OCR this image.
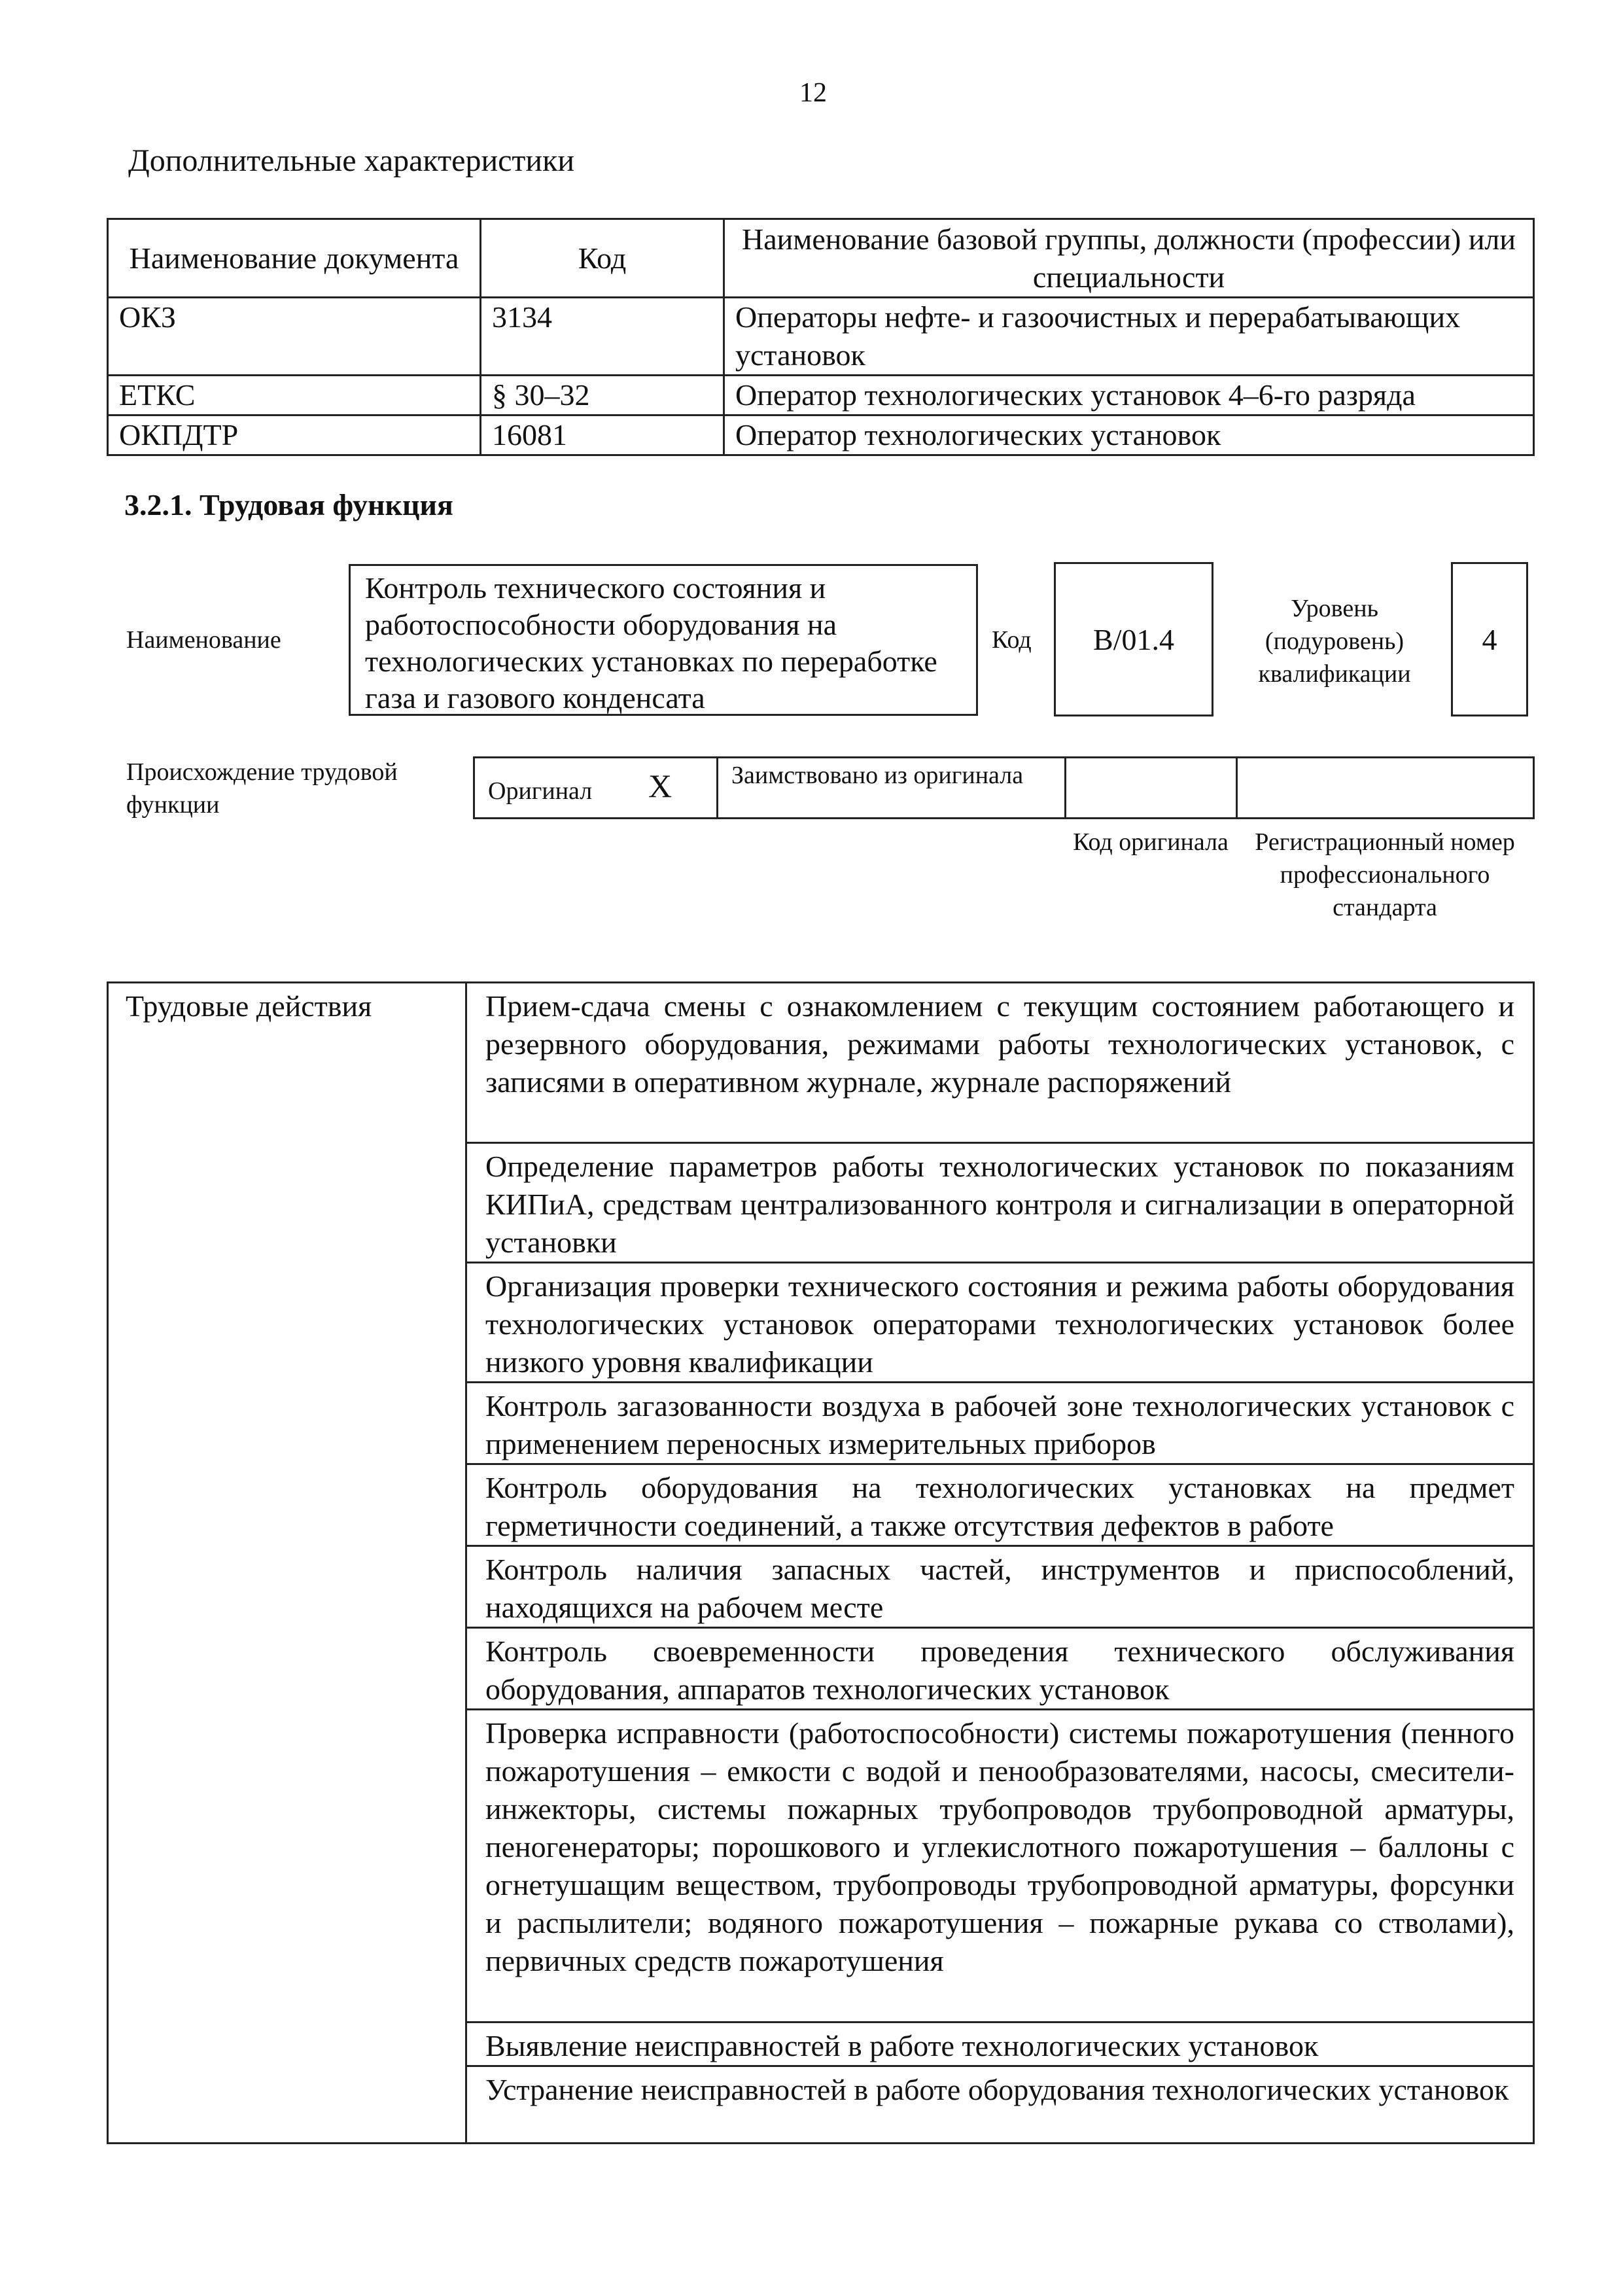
12
Дополнительные характеристики
Наименование документа	Код	Наименование базовой группы, должности (профессии) или специальности
ОКЗ	3134	Операторы нефте- и газоочистных и перерабатывающих установок
ЕТКС	§ 30–32	Оператор технологических установок 4–6-го разряда
ОКПДТР	16081	Оператор технологических установок
3.2.1. Трудовая функция
Наименование
Контроль технического состояния и работоспособности оборудования на технологических установках по переработке газа и газового конденсата
Код B/01.4
Уровень (подуровень) квалификации
4
Происхождение трудовой функции	Оригинал X	Заимствовано из оригинала		
Код оригинала	Регистрационный номер профессионального стандарта
Трудовые действия	Прием-сдача смены с ознакомлением с текущим состоянием работающего и резервного оборудования, режимами работы технологических установок, с записями в оперативном журнале, журнале распоряжений
Определение параметров работы технологических установок по показаниям КИПиА, средствам централизованного контроля и сигнализации в операторной установки
Организация проверки технического состояния и режима работы оборудования технологических установок операторами технологических установок более низкого уровня квалификации
Контроль загазованности воздуха в рабочей зоне технологических установок с применением переносных измерительных приборов
Контроль оборудования на технологических установках на предмет герметичности соединений, а также отсутствия дефектов в работе
Контроль наличия запасных частей, инструментов и приспособлений, находящихся на рабочем месте
Контроль своевременности проведения технического обслуживания оборудования, аппаратов технологических установок
Проверка исправности (работоспособности) системы пожаротушения (пенного пожаротушения – емкости с водой и пенообразователями, насосы, смесители-инжекторы, системы пожарных трубопроводов трубопроводной арматуры, пеногенераторы; порошкового и углекислотного пожаротушения – баллоны с огнетушащим веществом, трубопроводы трубопроводной арматуры, форсунки и распылители; водяного пожаротушения – пожарные рукава со стволами), первичных средств пожаротушения
Выявление неисправностей в работе технологических установок
Устранение неисправностей в работе оборудования технологических установок
